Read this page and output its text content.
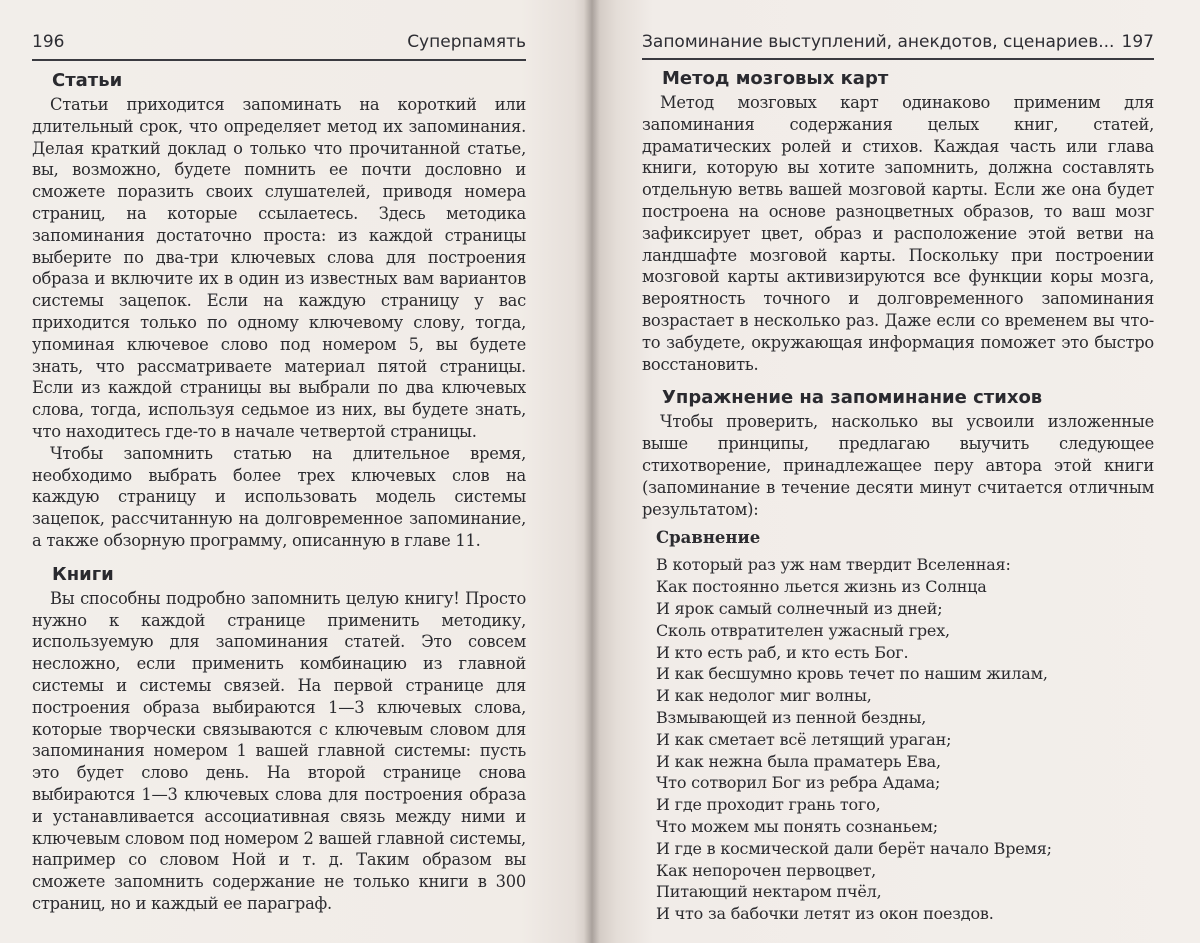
196	Суперпамять
Статьи

Статьи приходится запоминать на короткий или длительный срок, что определяет метод их запоминания. Делая краткий доклад о только что прочитанной статье, вы, возможно, будете помнить ее почти дословно и сможете поразить своих слушателей, приводя номера страниц, на которые ссылаетесь. Здесь методика запоминания достаточно проста: из каждой страницы выберите по два-три ключевых слова для построения образа и включите их в один из известных вам вариантов системы зацепок. Если на каждую страницу у вас приходится только по одному ключевому слову, тогда, упоминая ключевое слово под номером 5, вы будете знать, что рассматриваете материал пятой страницы. Если из каждой страницы вы выбрали по два ключевых слова, тогда, используя седьмое из них, вы будете знать, что находитесь где-то в начале четвертой страницы.

Чтобы запомнить статью на длительное время, необходимо выбрать более трех ключевых слов на каждую страницу и использовать модель системы зацепок, рассчитанную на долговременное запоминание, а также обзорную программу, описанную в главе 11.

Книги

Вы способны подробно запомнить целую книгу! Просто нужно к каждой странице применить методику, используемую для запоминания статей. Это совсем несложно, если применить комбинацию из главной системы и системы связей. На первой странице для построения образа выбираются 1—3 ключевых слова, которые творчески связываются с ключевым словом для запоминания номером 1 вашей главной системы: пусть это будет слово день. На второй странице снова выбираются 1—3 ключевых слова для построения образа и устанавливается ассоциативная связь между ними и ключевым словом под номером 2 вашей главной системы, например со словом Ной и т. д. Таким образом вы сможете запомнить содержание не только книги в 300 страниц, но и каждый ее параграф.

Запоминание выступлений, анекдотов, сценариев... 197
Метод мозговых карт

Метод мозговых карт одинаково применим для запоминания содержания целых книг, статей, драматических ролей и стихов. Каждая часть или глава книги, которую вы хотите запомнить, должна составлять отдельную ветвь вашей мозговой карты. Если же она будет построена на основе разноцветных образов, то ваш мозг зафиксирует цвет, образ и расположение этой ветви на ландшафте мозговой карты. Поскольку при построении мозговой карты активизируются все функции коры мозга, вероятность точного и долговременного запоминания возрастает в несколько раз. Даже если со временем вы что-то забудете, окружающая информация поможет это быстро восстановить.

Упражнение на запоминание стихов

Чтобы проверить, насколько вы усвоили изложенные выше принципы, предлагаю выучить следующее стихотворение, принадлежащее перу автора этой книги (запоминание в течение десяти минут считается отличным результатом):

Сравнение
В который раз уж нам твердит Вселенная:
Как постоянно льется жизнь из Солнца
И ярок самый солнечный из дней;
Сколь отвратителен ужасный грех,
И кто есть раб, и кто есть Бог.
И как бесшумно кровь течет по нашим жилам,
И как недолог миг волны,
Взмывающей из пенной бездны,
И как сметает всё летящий ураган;
И как нежна была праматерь Ева,
Что сотворил Бог из ребра Адама;
И где проходит грань того,
Что можем мы понять сознаньем;
И где в космической дали берёт начало Время;
Как непорочен первоцвет,
Питающий нектаром пчёл,
И что за бабочки летят из окон поездов.
